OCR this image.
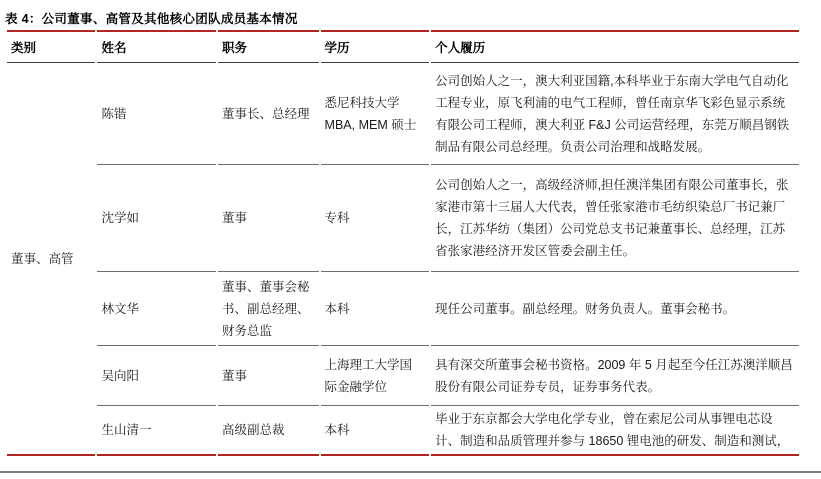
表 4：公司董事、高管及其他核心团队成员基本情况
类别	姓名	职务	学历	个人履历
董事、高管	陈锴	董事长、总经理	悉尼科技大学 MBA, MEM 硕士	公司创始人之一，澳大利亚国籍,本科毕业于东南大学电气自动化工程专业，原飞利浦的电气工程师，曾任南京华飞彩色显示系统有限公司工程师，澳大利亚 F&J 公司运营经理，东莞万顺昌钢铁制品有限公司总经理。负责公司治理和战略发展。
	沈学如	董事	专科	公司创始人之一，高级经济师,担任澳洋集团有限公司董事长，张家港市第十三届人大代表，曾任张家港市毛纺织染总厂书记兼厂长，江苏华纺（集团）公司党总支书记兼董事长、总经理，江苏省张家港经济开发区管委会副主任。
	林文华	董事、董事会秘书、副总经理、财务总监	本科	现任公司董事。副总经理。财务负责人。董事会秘书。
	吴向阳	董事	上海理工大学国际金融学位	具有深交所董事会秘书资格。2009 年 5 月起至今任江苏澳洋顺昌股份有限公司证券专员，证券事务代表。
	生山清一	高级副总裁	本科	毕业于东京都会大学电化学专业，曾在索尼公司从事锂电芯设计、制造和品质管理并参与 18650 锂电池的研发、制造和测试，
